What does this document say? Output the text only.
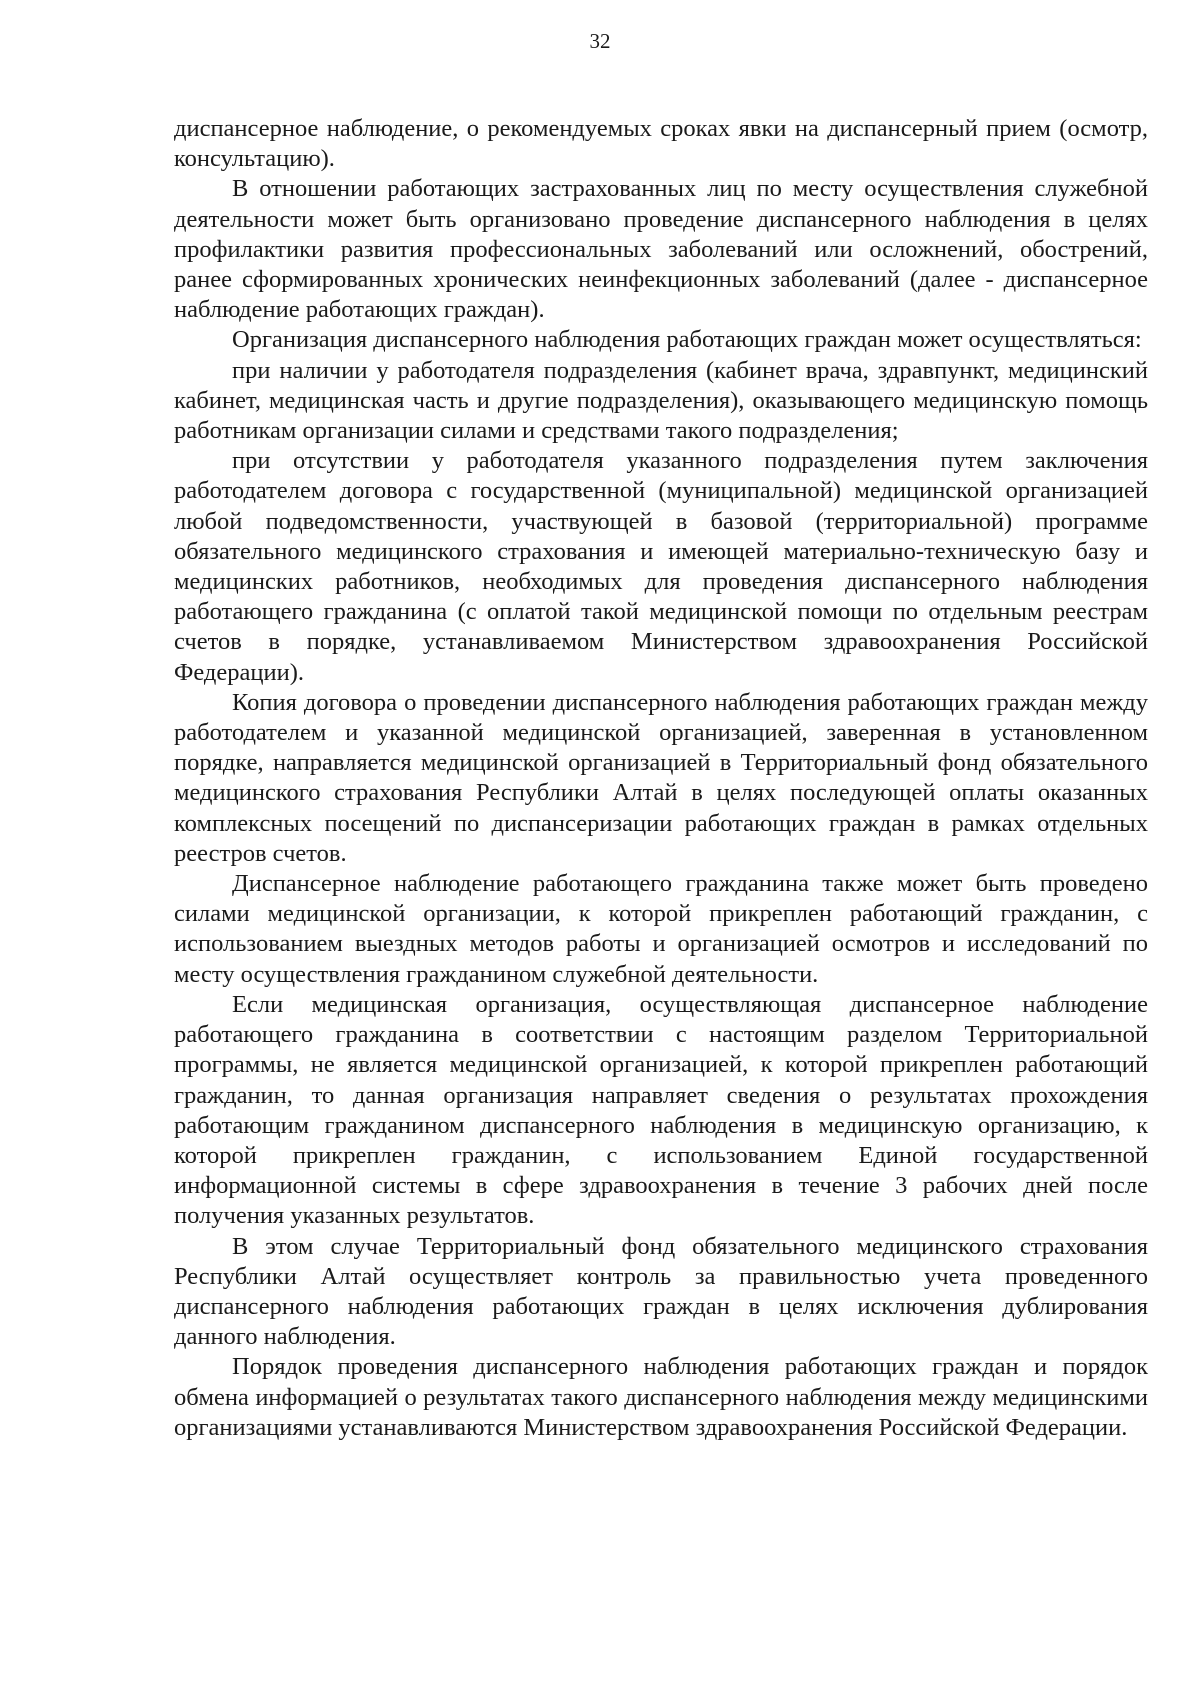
32

диспансерное наблюдение, о рекомендуемых сроках явки на диспансерный прием (осмотр, консультацию).

В отношении работающих застрахованных лиц по месту осуществления служебной деятельности может быть организовано проведение диспансерного наблюдения в целях профилактики развития профессиональных заболеваний или осложнений, обострений, ранее сформированных хронических неинфекционных заболеваний (далее - диспансерное наблюдение работающих граждан).

Организация диспансерного наблюдения работающих граждан может осуществляться:

при наличии у работодателя подразделения (кабинет врача, здравпункт, медицинский кабинет, медицинская часть и другие подразделения), оказывающего медицинскую помощь работникам организации силами и средствами такого подразделения;

при отсутствии у работодателя указанного подразделения путем заключения работодателем договора с государственной (муниципальной) медицинской организацией любой подведомственности, участвующей в базовой (территориальной) программе обязательного медицинского страхования и имеющей материально-техническую базу и медицинских работников, необходимых для проведения диспансерного наблюдения работающего гражданина (с оплатой такой медицинской помощи по отдельным реестрам счетов в порядке, устанавливаемом Министерством здравоохранения Российской Федерации).

Копия договора о проведении диспансерного наблюдения работающих граждан между работодателем и указанной медицинской организацией, заверенная в установленном порядке, направляется медицинской организацией в Территориальный фонд обязательного медицинского страхования Республики Алтай в целях последующей оплаты оказанных комплексных посещений по диспансеризации работающих граждан в рамках отдельных реестров счетов.

Диспансерное наблюдение работающего гражданина также может быть проведено силами медицинской организации, к которой прикреплен работающий гражданин, с использованием выездных методов работы и организацией осмотров и исследований по месту осуществления гражданином служебной деятельности.

Если медицинская организация, осуществляющая диспансерное наблюдение работающего гражданина в соответствии с настоящим разделом Территориальной программы, не является медицинской организацией, к которой прикреплен работающий гражданин, то данная организация направляет сведения о результатах прохождения работающим гражданином диспансерного наблюдения в медицинскую организацию, к которой прикреплен гражданин, с использованием Единой государственной информационной системы в сфере здравоохранения в течение 3 рабочих дней после получения указанных результатов.

В этом случае Территориальный фонд обязательного медицинского страхования Республики Алтай осуществляет контроль за правильностью учета проведенного диспансерного наблюдения работающих граждан в целях исключения дублирования данного наблюдения.

Порядок проведения диспансерного наблюдения работающих граждан и порядок обмена информацией о результатах такого диспансерного наблюдения между медицинскими организациями устанавливаются Министерством здравоохранения Российской Федерации.
